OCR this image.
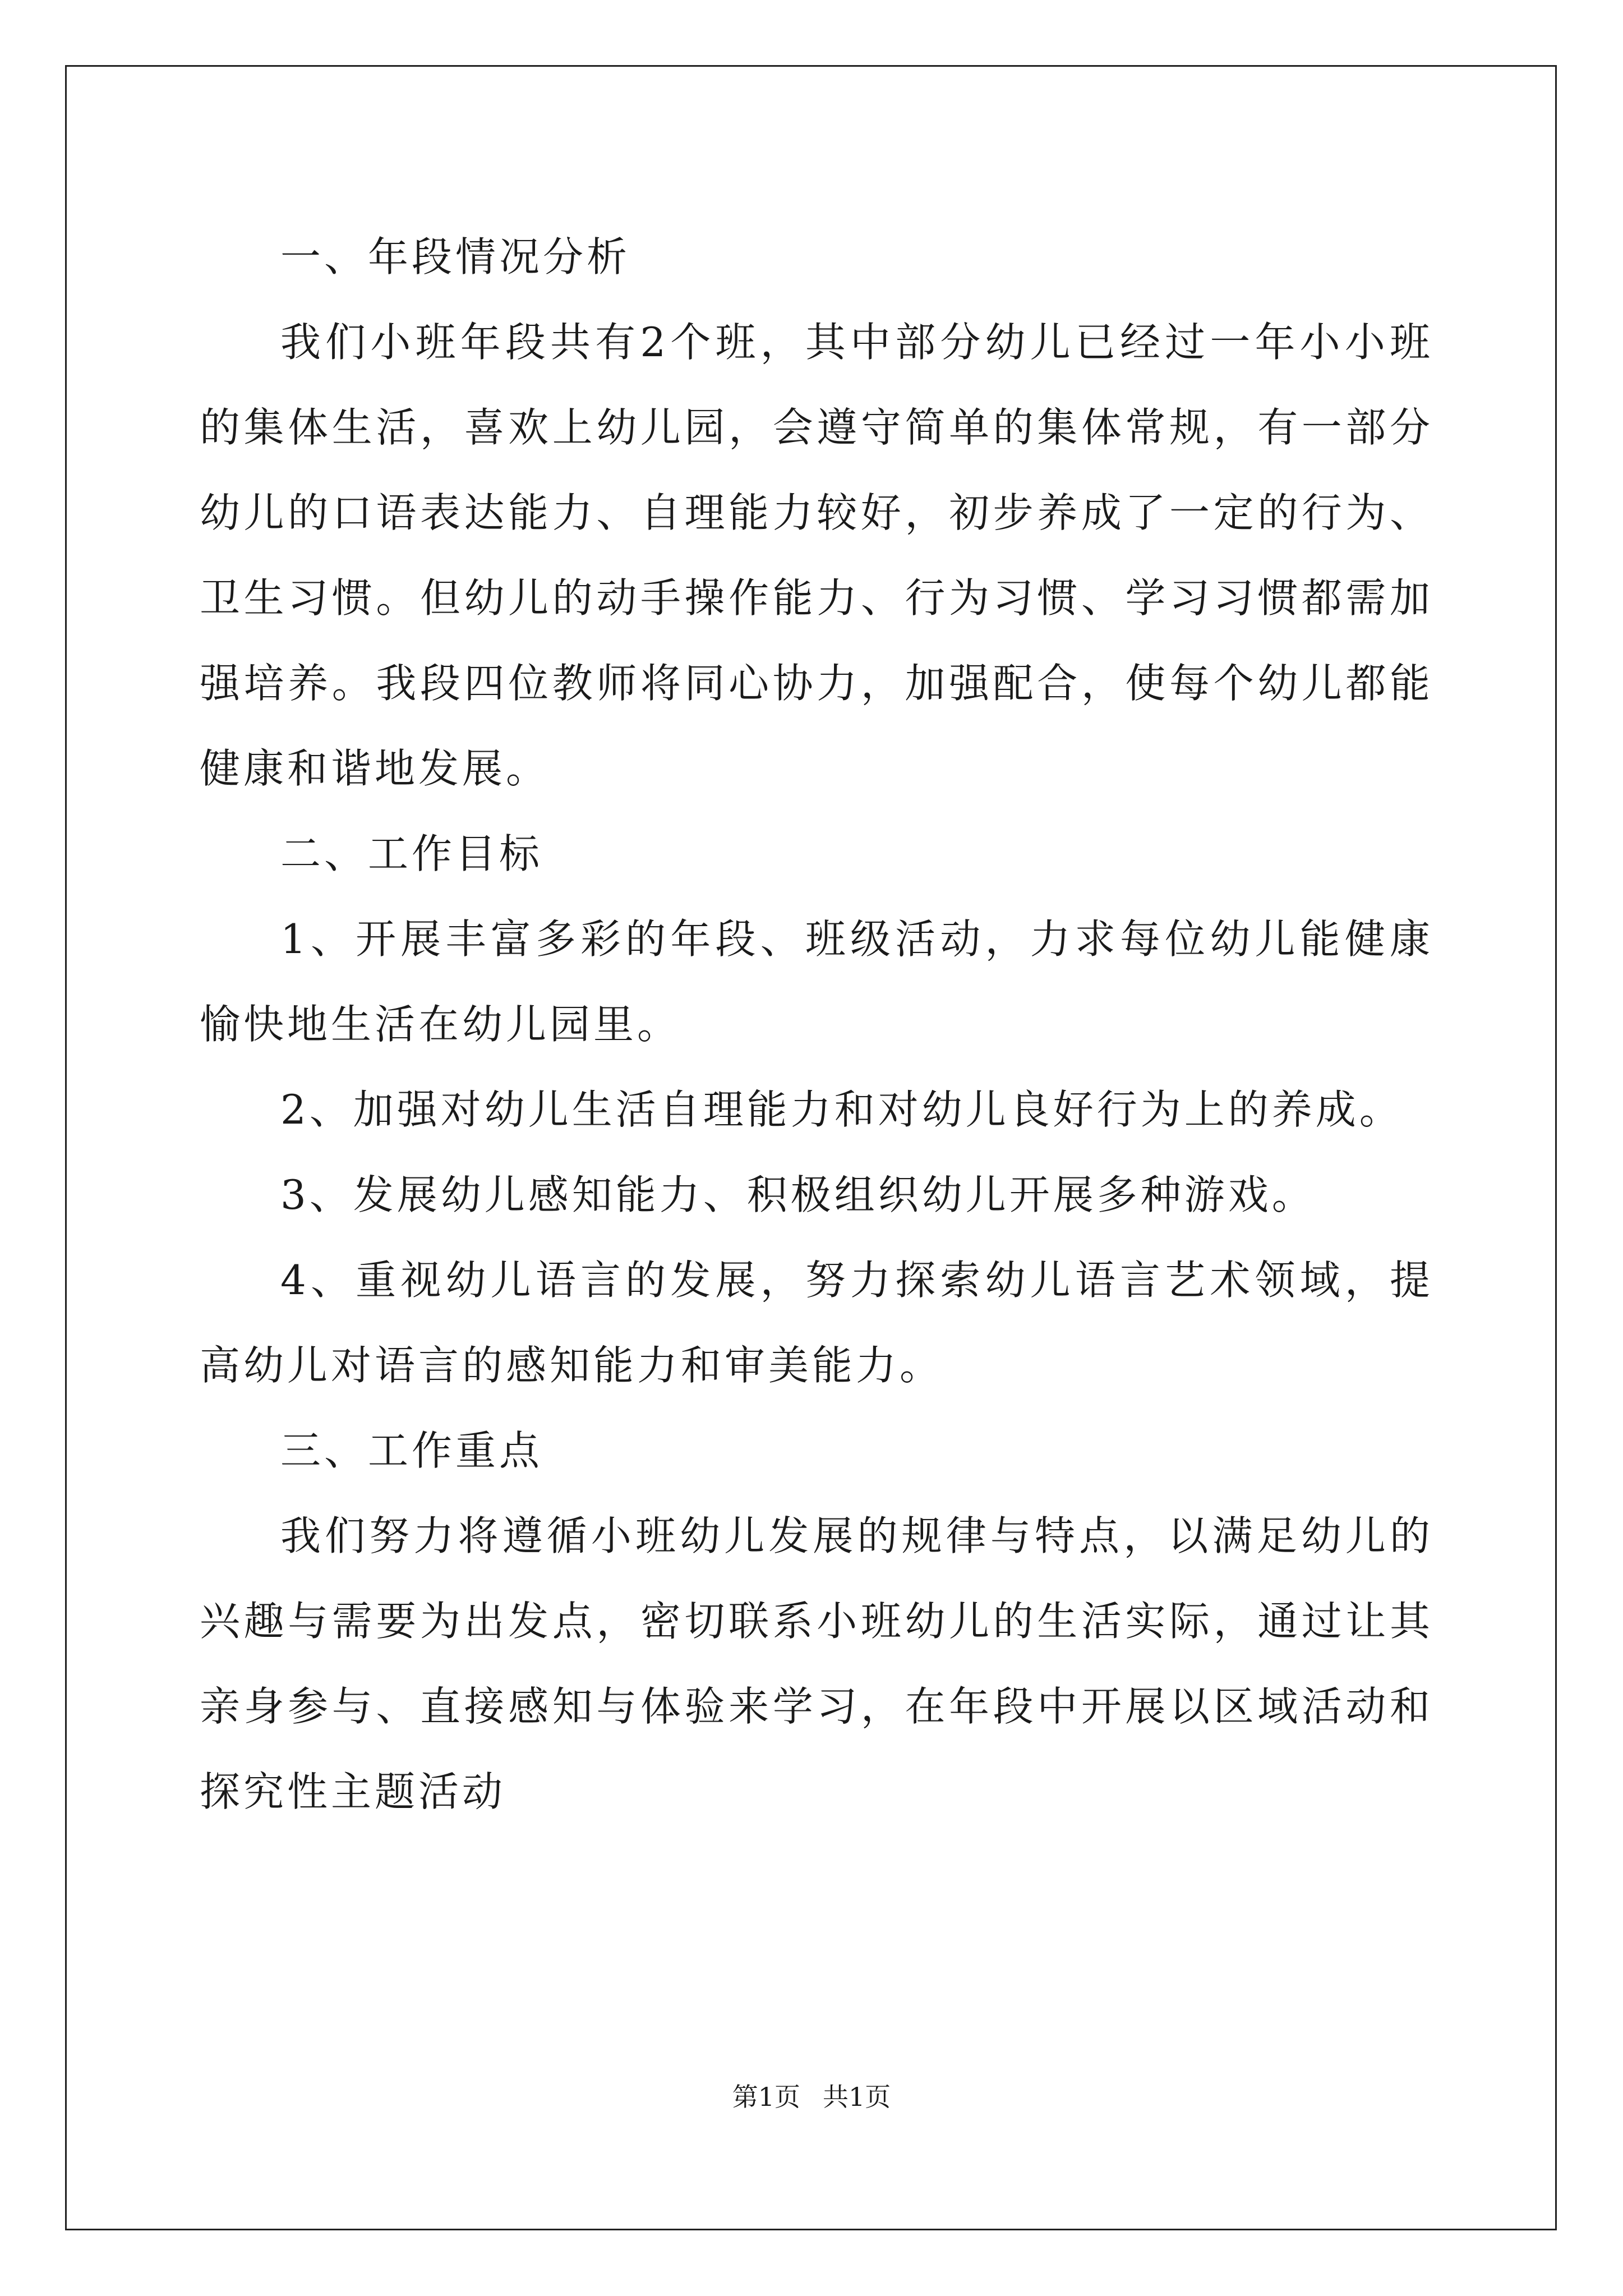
一、年段情况分析

我们小班年段共有2个班，其中部分幼儿已经过一年小小班的集体生活，喜欢上幼儿园，会遵守简单的集体常规，有一部分幼儿的口语表达能力、自理能力较好，初步养成了一定的行为、卫生习惯。但幼儿的动手操作能力、行为习惯、学习习惯都需加强培养。我段四位教师将同心协力，加强配合，使每个幼儿都能健康和谐地发展。

二、工作目标

1、开展丰富多彩的年段、班级活动，力求每位幼儿能健康愉快地生活在幼儿园里。

2、加强对幼儿生活自理能力和对幼儿良好行为上的养成。

3、发展幼儿感知能力、积极组织幼儿开展多种游戏。

4、重视幼儿语言的发展，努力探索幼儿语言艺术领域，提高幼儿对语言的感知能力和审美能力。

三、工作重点

我们努力将遵循小班幼儿发展的规律与特点，以满足幼儿的兴趣与需要为出发点，密切联系小班幼儿的生活实际，通过让其亲身参与、直接感知与体验来学习，在年段中开展以区域活动和探究性主题活动

第1页 共1页
